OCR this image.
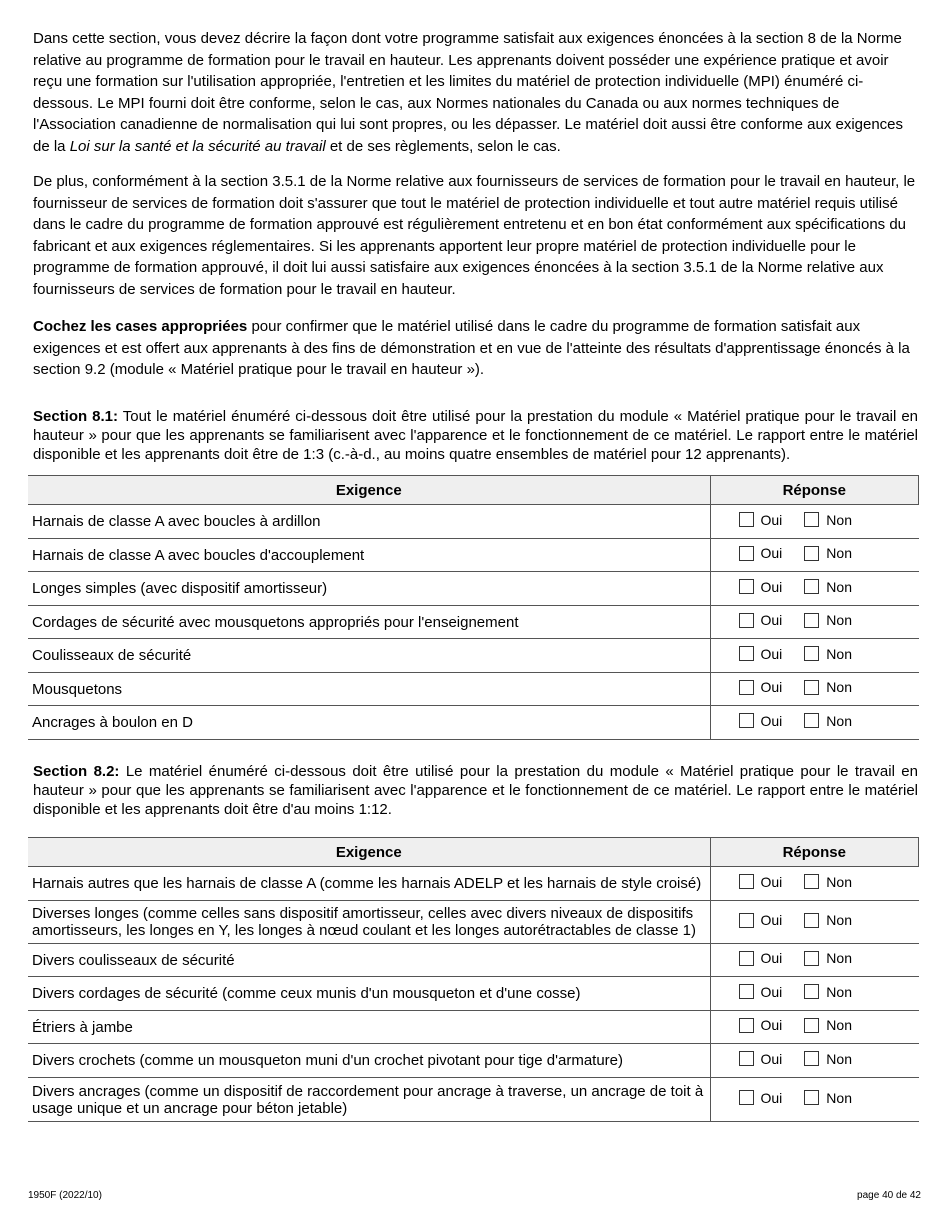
Dans cette section, vous devez décrire la façon dont votre programme satisfait aux exigences énoncées à la section 8 de la Norme relative au programme de formation pour le travail en hauteur. Les apprenants doivent posséder une expérience pratique et avoir reçu une formation sur l'utilisation appropriée, l'entretien et les limites du matériel de protection individuelle (MPI) énuméré ci-dessous. Le MPI fourni doit être conforme, selon le cas, aux Normes nationales du Canada ou aux normes techniques de l'Association canadienne de normalisation qui lui sont propres, ou les dépasser. Le matériel doit aussi être conforme aux exigences de la Loi sur la santé et la sécurité au travail et de ses règlements, selon le cas.

De plus, conformément à la section 3.5.1 de la Norme relative aux fournisseurs de services de formation pour le travail en hauteur, le fournisseur de services de formation doit s'assurer que tout le matériel de protection individuelle et tout autre matériel requis utilisé dans le cadre du programme de formation approuvé est régulièrement entretenu et en bon état conformément aux spécifications du fabricant et aux exigences réglementaires. Si les apprenants apportent leur propre matériel de protection individuelle pour le programme de formation approuvé, il doit lui aussi satisfaire aux exigences énoncées à la section 3.5.1 de la Norme relative aux fournisseurs de services de formation pour le travail en hauteur.

Cochez les cases appropriées pour confirmer que le matériel utilisé dans le cadre du programme de formation satisfait aux exigences et est offert aux apprenants à des fins de démonstration et en vue de l'atteinte des résultats d'apprentissage énoncés à la section 9.2 (module « Matériel pratique pour le travail en hauteur »).

Section 8.1: Tout le matériel énuméré ci-dessous doit être utilisé pour la prestation du module « Matériel pratique pour le travail en hauteur » pour que les apprenants se familiarisent avec l'apparence et le fonctionnement de ce matériel. Le rapport entre le matériel disponible et les apprenants doit être de 1:3 (c.-à-d., au moins quatre ensembles de matériel pour 12 apprenants).

Exigence	Réponse
Harnais de classe A avec boucles à ardillon	Oui Non

Harnais de classe A avec boucles d'accouplement	Oui Non

Longes simples (avec dispositif amortisseur)	Oui Non

Cordages de sécurité avec mousquetons appropriés pour l'enseignement	Oui Non

Coulisseaux de sécurité	Oui Non

Mousquetons	Oui Non

Ancrages à boulon en D	Oui Non

Section 8.2: Le matériel énuméré ci-dessous doit être utilisé pour la prestation du module « Matériel pratique pour le travail en hauteur » pour que les apprenants se familiarisent avec l'apparence et le fonctionnement de ce matériel. Le rapport entre le matériel disponible et les apprenants doit être d'au moins 1:12.

Exigence	Réponse
Harnais autres que les harnais de classe A (comme les harnais ADELP et les harnais de style croisé)	Oui Non

Diverses longes (comme celles sans dispositif amortisseur, celles avec divers niveaux de dispositifs amortisseurs, les longes en Y, les longes à nœud coulant et les longes autorétractables de classe 1)	Oui Non

Divers coulisseaux de sécurité	Oui Non

Divers cordages de sécurité (comme ceux munis d'un mousqueton et d'une cosse)	Oui Non

Étriers à jambe	Oui Non

Divers crochets (comme un mousqueton muni d'un crochet pivotant pour tige d'armature)	Oui Non

Divers ancrages (comme un dispositif de raccordement pour ancrage à traverse, un ancrage de toit à usage unique et un ancrage pour béton jetable)	Oui Non
1950F (2022/10)	page 40 de 42
